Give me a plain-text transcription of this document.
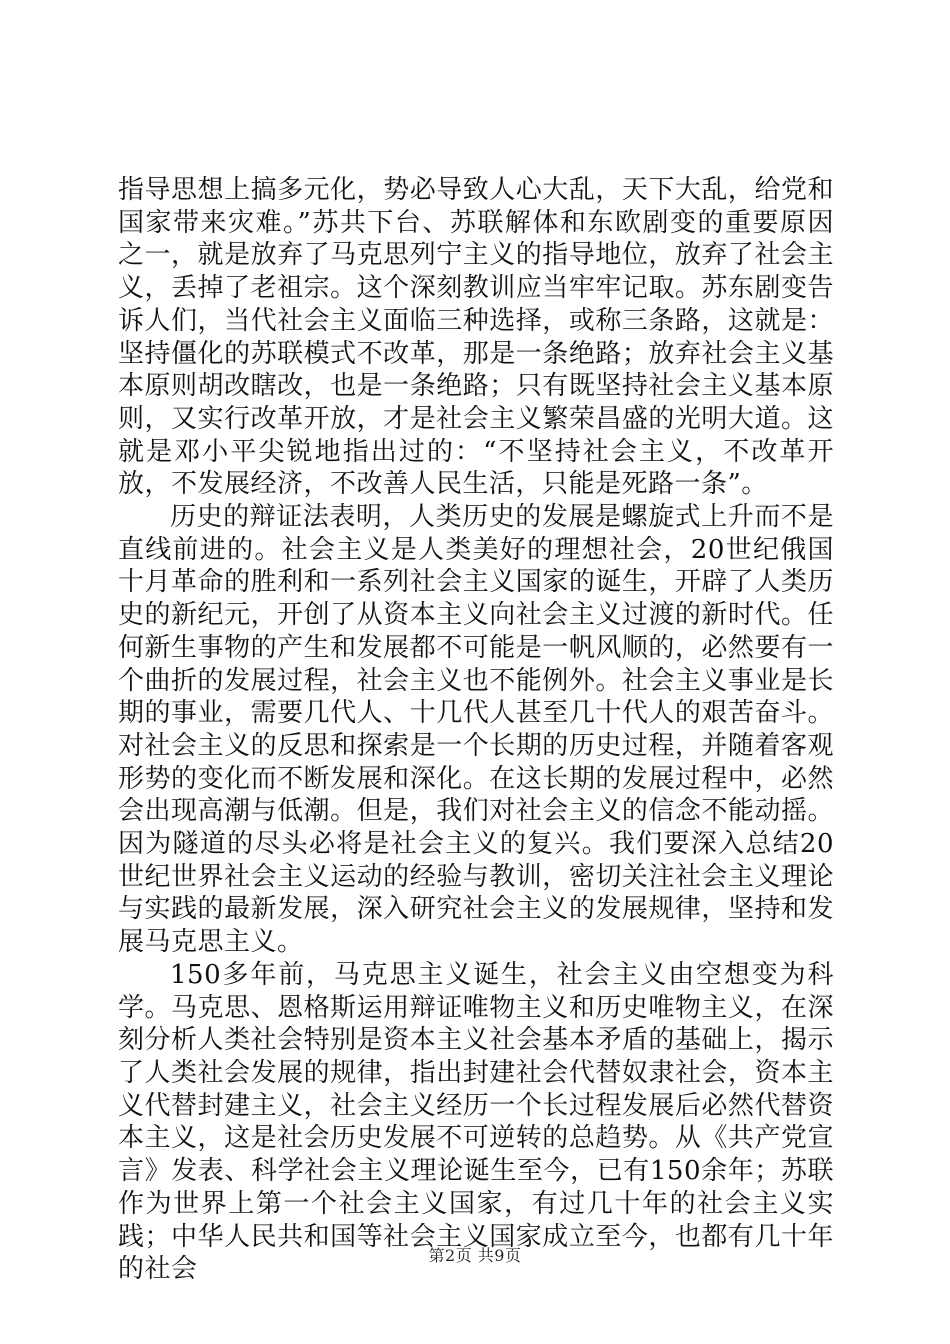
指导思想上搞多元化，势必导致人心大乱，天下大乱，给党和国家带来灾难。”苏共下台、苏联解体和东欧剧变的重要原因之一，就是放弃了马克思列宁主义的指导地位，放弃了社会主义，丢掉了老祖宗。这个深刻教训应当牢牢记取。苏东剧变告诉人们，当代社会主义面临三种选择，或称三条路，这就是：坚持僵化的苏联模式不改革，那是一条绝路；放弃社会主义基本原则胡改瞎改，也是一条绝路；只有既坚持社会主义基本原则，又实行改革开放，才是社会主义繁荣昌盛的光明大道。这就是邓小平尖锐地指出过的：“不坚持社会主义，不改革开放，不发展经济，不改善人民生活，只能是死路一条”。

历史的辩证法表明，人类历史的发展是螺旋式上升而不是直线前进的。社会主义是人类美好的理想社会，20世纪俄国十月革命的胜利和一系列社会主义国家的诞生，开辟了人类历史的新纪元，开创了从资本主义向社会主义过渡的新时代。任何新生事物的产生和发展都不可能是一帆风顺的，必然要有一个曲折的发展过程，社会主义也不能例外。社会主义事业是长期的事业，需要几代人、十几代人甚至几十代人的艰苦奋斗。对社会主义的反思和探索是一个长期的历史过程，并随着客观形势的变化而不断发展和深化。在这长期的发展过程中，必然会出现高潮与低潮。但是，我们对社会主义的信念不能动摇。因为隧道的尽头必将是社会主义的复兴。我们要深入总结20世纪世界社会主义运动的经验与教训，密切关注社会主义理论与实践的最新发展，深入研究社会主义的发展规律，坚持和发展马克思主义。

150多年前，马克思主义诞生，社会主义由空想变为科学。马克思、恩格斯运用辩证唯物主义和历史唯物主义，在深刻分析人类社会特别是资本主义社会基本矛盾的基础上，揭示了人类社会发展的规律，指出封建社会代替奴隶社会，资本主义代替封建主义，社会主义经历一个长过程发展后必然代替资本主义，这是社会历史发展不可逆转的总趋势。从《共产党宣言》发表、科学社会主义理论诞生至今，已有150余年；苏联作为世界上第一个社会主义国家，有过几十年的社会主义实践；中华人民共和国等社会主义国家成立至今，也都有几十年的社会	第2页 共9页
